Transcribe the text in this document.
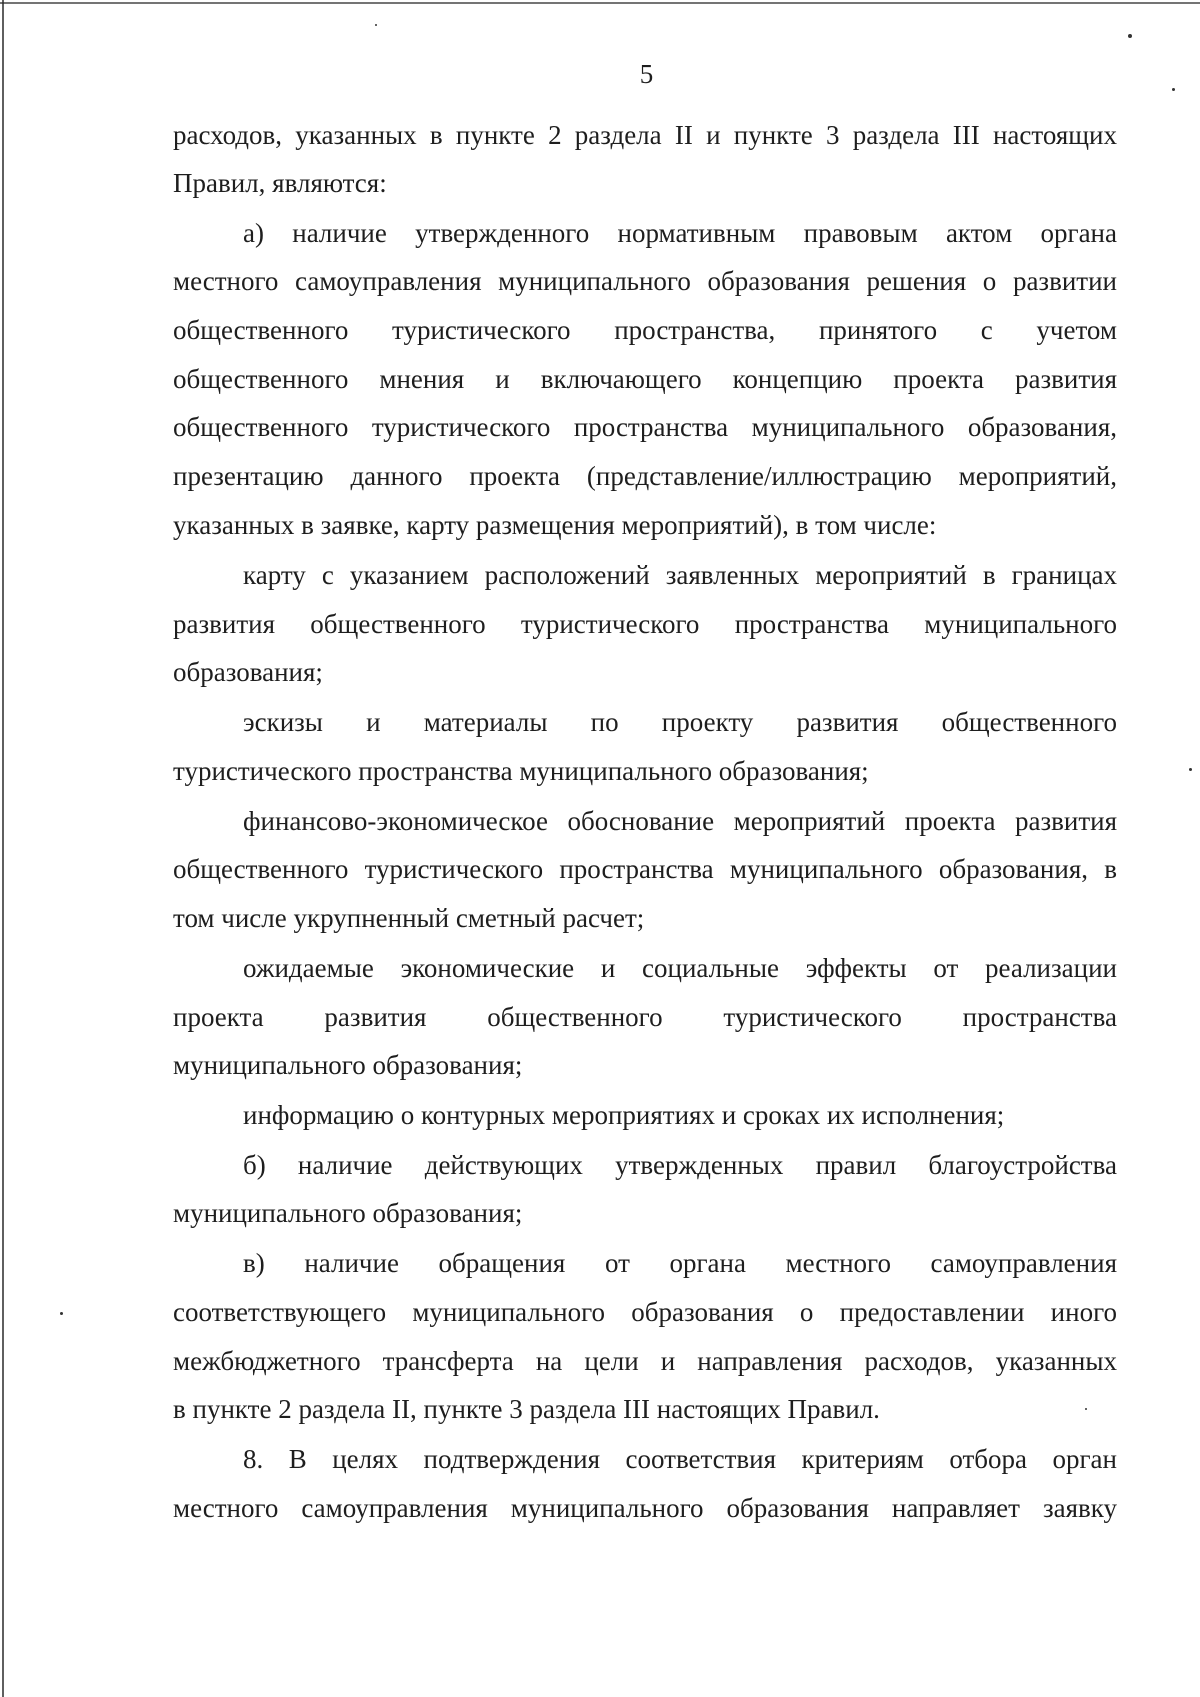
5
расходов, указанных в пункте 2 раздела II и пункте 3 раздела III настоящих
Правил, являются:
а) наличие утвержденного нормативным правовым актом органа
местного самоуправления муниципального образования решения о развитии
общественного туристического пространства, принятого с учетом
общественного мнения и включающего концепцию проекта развития
общественного туристического пространства муниципального образования,
презентацию данного проекта (представление/иллюстрацию мероприятий,
указанных в заявке, карту размещения мероприятий), в том числе:
карту с указанием расположений заявленных мероприятий в границах
развития общественного туристического пространства муниципального
образования;
эскизы и материалы по проекту развития общественного
туристического пространства муниципального образования;
финансово-экономическое обоснование мероприятий проекта развития
общественного туристического пространства муниципального образования, в
том числе укрупненный сметный расчет;
ожидаемые экономические и социальные эффекты от реализации
проекта развития общественного туристического пространства
муниципального образования;
информацию о контурных мероприятиях и сроках их исполнения;
б) наличие действующих утвержденных правил благоустройства
муниципального образования;
в) наличие обращения от органа местного самоуправления
соответствующего муниципального образования о предоставлении иного
межбюджетного трансферта на цели и направления расходов, указанных
в пункте 2 раздела II, пункте 3 раздела III настоящих Правил.
8. В целях подтверждения соответствия критериям отбора орган
местного самоуправления муниципального образования направляет заявку
